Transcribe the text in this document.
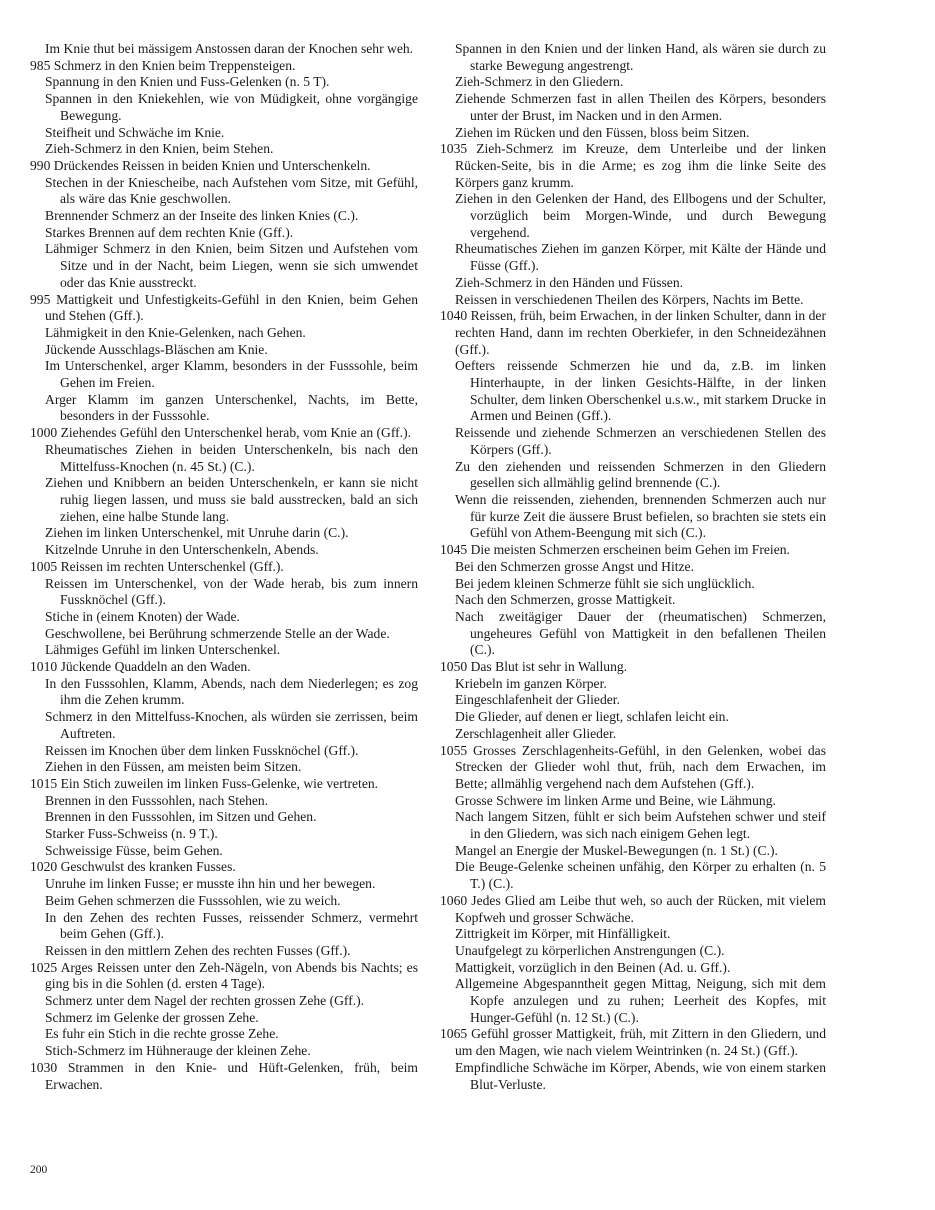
Im Knie thut bei mässigem Anstossen daran der Knochen sehr weh.

985 Schmerz in den Knien beim Treppensteigen.

Spannung in den Knien und Fuss-Gelenken (n. 5 T).

Spannen in den Kniekehlen, wie von Müdigkeit, ohne vorgängige Bewegung.

Steifheit und Schwäche im Knie.

Zieh-Schmerz in den Knien, beim Stehen.

990 Drückendes Reissen in beiden Knien und Unterschenkeln.

Stechen in der Kniescheibe, nach Aufstehen vom Sitze, mit Gefühl, als wäre das Knie geschwollen.

Brennender Schmerz an der Inseite des linken Knies (C.).

Starkes Brennen auf dem rechten Knie (Gff.).

Lähmiger Schmerz in den Knien, beim Sitzen und Aufstehen vom Sitze und in der Nacht, beim Liegen, wenn sie sich umwendet oder das Knie ausstreckt.

995 Mattigkeit und Unfestigkeits-Gefühl in den Knien, beim Gehen und Stehen (Gff.).

Lähmigkeit in den Knie-Gelenken, nach Gehen.

Jückende Ausschlags-Bläschen am Knie.

Im Unterschenkel, arger Klamm, besonders in der Fusssohle, beim Gehen im Freien.

Arger Klamm im ganzen Unterschenkel, Nachts, im Bette, besonders in der Fusssohle.

1000 Ziehendes Gefühl den Unterschenkel herab, vom Knie an (Gff.).

Rheumatisches Ziehen in beiden Unterschenkeln, bis nach den Mittelfuss-Knochen (n. 45 St.) (C.).

Ziehen und Knibbern an beiden Unterschenkeln, er kann sie nicht ruhig liegen lassen, und muss sie bald ausstrecken, bald an sich ziehen, eine halbe Stunde lang.

Ziehen im linken Unterschenkel, mit Unruhe darin (C.).

Kitzelnde Unruhe in den Unterschenkeln, Abends.

1005 Reissen im rechten Unterschenkel (Gff.).

Reissen im Unterschenkel, von der Wade herab, bis zum innern Fussknöchel (Gff.).

Stiche in (einem Knoten) der Wade.

Geschwollene, bei Berührung schmerzende Stelle an der Wade.

Lähmiges Gefühl im linken Unterschenkel.

1010 Jückende Quaddeln an den Waden.

In den Fusssohlen, Klamm, Abends, nach dem Niederlegen; es zog ihm die Zehen krumm.

Schmerz in den Mittelfuss-Knochen, als würden sie zerrissen, beim Auftreten.

Reissen im Knochen über dem linken Fussknöchel (Gff.).

Ziehen in den Füssen, am meisten beim Sitzen.

1015 Ein Stich zuweilen im linken Fuss-Gelenke, wie vertreten.

Brennen in den Fusssohlen, nach Stehen.

Brennen in den Fusssohlen, im Sitzen und Gehen.

Starker Fuss-Schweiss (n. 9 T.).

Schweissige Füsse, beim Gehen.

1020 Geschwulst des kranken Fusses.

Unruhe im linken Fusse; er musste ihn hin und her bewegen.

Beim Gehen schmerzen die Fusssohlen, wie zu weich.

In den Zehen des rechten Fusses, reissender Schmerz, vermehrt beim Gehen (Gff.).

Reissen in den mittlern Zehen des rechten Fusses (Gff.).

1025 Arges Reissen unter den Zeh-Nägeln, von Abends bis Nachts; es ging bis in die Sohlen (d. ersten 4 Tage).

Schmerz unter dem Nagel der rechten grossen Zehe (Gff.).

Schmerz im Gelenke der grossen Zehe.

Es fuhr ein Stich in die rechte grosse Zehe.

Stich-Schmerz im Hühnerauge der kleinen Zehe.

1030 Strammen in den Knie- und Hüft-Gelenken, früh, beim Erwachen.

Spannen in den Knien und der linken Hand, als wären sie durch zu starke Bewegung angestrengt.

Zieh-Schmerz in den Gliedern.

Ziehende Schmerzen fast in allen Theilen des Körpers, besonders unter der Brust, im Nacken und in den Armen.

Ziehen im Rücken und den Füssen, bloss beim Sitzen.

1035 Zieh-Schmerz im Kreuze, dem Unterleibe und der linken Rücken-Seite, bis in die Arme; es zog ihm die linke Seite des Körpers ganz krumm.

Ziehen in den Gelenken der Hand, des Ellbogens und der Schulter, vorzüglich beim Morgen-Winde, und durch Bewegung vergehend.

Rheumatisches Ziehen im ganzen Körper, mit Kälte der Hände und Füsse (Gff.).

Zieh-Schmerz in den Händen und Füssen.

Reissen in verschiedenen Theilen des Körpers, Nachts im Bette.

1040 Reissen, früh, beim Erwachen, in der linken Schulter, dann in der rechten Hand, dann im rechten Oberkiefer, in den Schneidezähnen (Gff.).

Oefters reissende Schmerzen hie und da, z.B. im linken Hinterhaupte, in der linken Gesichts-Hälfte, in der linken Schulter, dem linken Oberschenkel u.s.w., mit starkem Drucke in Armen und Beinen (Gff.).

Reissende und ziehende Schmerzen an verschiedenen Stellen des Körpers (Gff.).

Zu den ziehenden und reissenden Schmerzen in den Gliedern gesellen sich allmählig gelind brennende (C.).

Wenn die reissenden, ziehenden, brennenden Schmerzen auch nur für kurze Zeit die äussere Brust befielen, so brachten sie stets ein Gefühl von Athem-Beengung mit sich (C.).

1045 Die meisten Schmerzen erscheinen beim Gehen im Freien.

Bei den Schmerzen grosse Angst und Hitze.

Bei jedem kleinen Schmerze fühlt sie sich unglücklich.

Nach den Schmerzen, grosse Mattigkeit.

Nach zweitägiger Dauer der (rheumatischen) Schmerzen, ungeheures Gefühl von Mattigkeit in den befallenen Theilen (C.).

1050 Das Blut ist sehr in Wallung.

Kriebeln im ganzen Körper.

Eingeschlafenheit der Glieder.

Die Glieder, auf denen er liegt, schlafen leicht ein.

Zerschlagenheit aller Glieder.

1055 Grosses Zerschlagenheits-Gefühl, in den Gelenken, wobei das Strecken der Glieder wohl thut, früh, nach dem Erwachen, im Bette; allmählig vergehend nach dem Aufstehen (Gff.).

Grosse Schwere im linken Arme und Beine, wie Lähmung.

Nach langem Sitzen, fühlt er sich beim Aufstehen schwer und steif in den Gliedern, was sich nach einigem Gehen legt.

Mangel an Energie der Muskel-Bewegungen (n. 1 St.) (C.).

Die Beuge-Gelenke scheinen unfähig, den Körper zu erhalten (n. 5 T.) (C.).

1060 Jedes Glied am Leibe thut weh, so auch der Rücken, mit vielem Kopfweh und grosser Schwäche.

Zittrigkeit im Körper, mit Hinfälligkeit.

Unaufgelegt zu körperlichen Anstrengungen (C.).

Mattigkeit, vorzüglich in den Beinen (Ad. u. Gff.).

Allgemeine Abgespanntheit gegen Mittag, Neigung, sich mit dem Kopfe anzulegen und zu ruhen; Leerheit des Kopfes, mit Hunger-Gefühl (n. 12 St.) (C.).

1065 Gefühl grosser Mattigkeit, früh, mit Zittern in den Gliedern, und um den Magen, wie nach vielem Weintrinken (n. 24 St.) (Gff.).

Empfindliche Schwäche im Körper, Abends, wie von einem starken Blut-Verluste.

200
